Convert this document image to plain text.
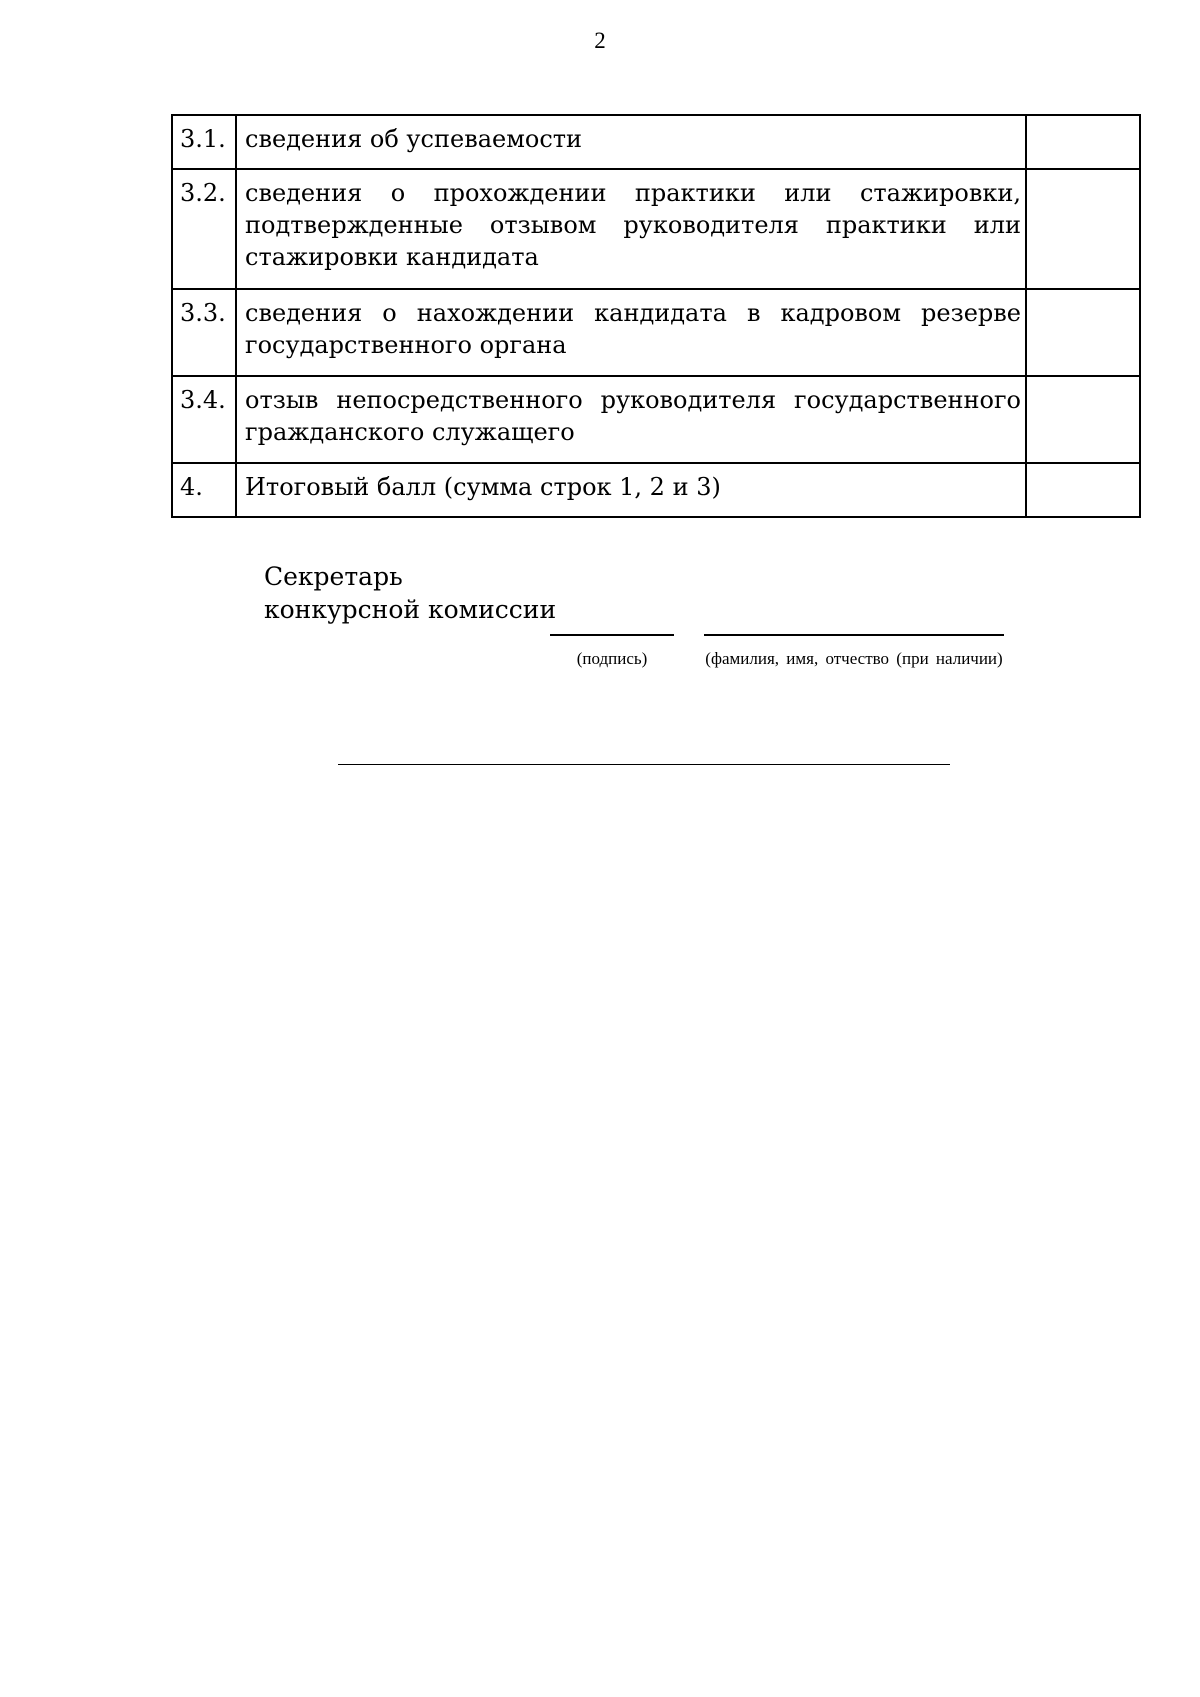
2
3.1.	сведения об успеваемости	
3.2.	сведения о прохождении практики или стажировки, подтвержденные отзывом руководителя практики или стажировки кандидата	
3.3.	сведения о нахождении кандидата в кадровом резерве государственного органа	
3.4.	отзыв непосредственного руководителя государственного гражданского служащего	
4.	Итоговый балл (сумма строк 1, 2 и 3)	
Секретарь конкурсной комиссии
(подпись)	(фамилия, имя, отчество (при наличии)
